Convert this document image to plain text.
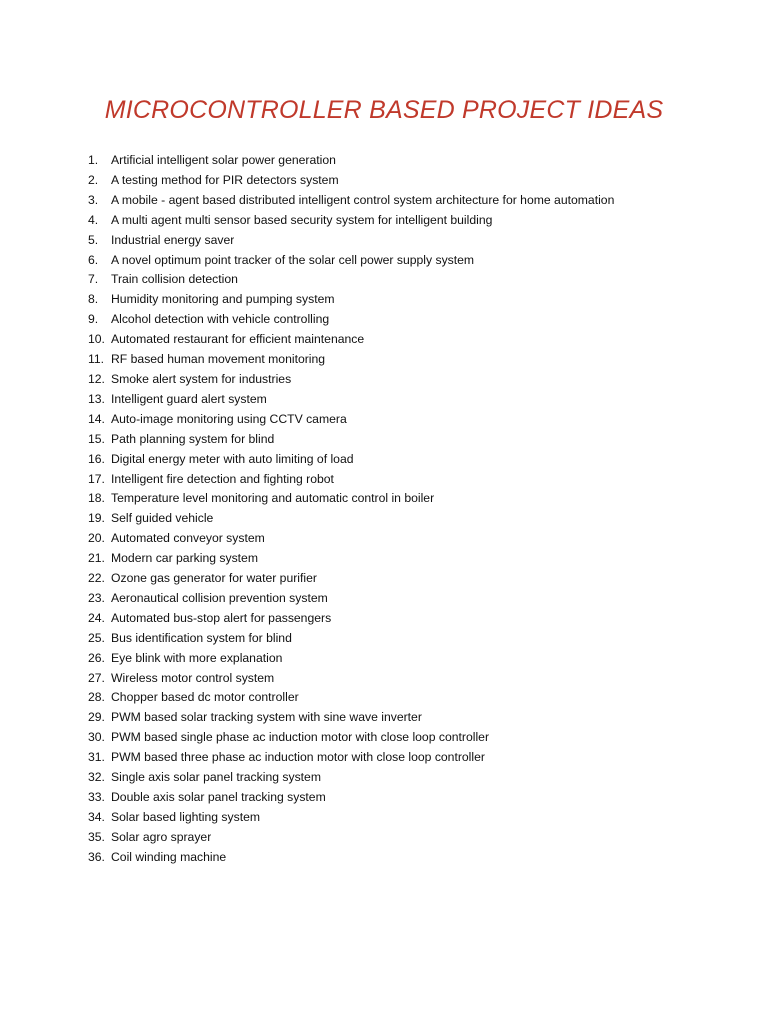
MICROCONTROLLER BASED PROJECT IDEAS
1.	Artificial intelligent solar power generation
2.	A testing method for PIR detectors system
3.	A mobile - agent based distributed intelligent control system architecture for home automation
4.	A multi agent multi sensor based security system for intelligent building
5.	Industrial energy saver
6.	A novel optimum point tracker of the solar cell power supply system
7.	Train collision detection
8.	Humidity monitoring and pumping system
9.	Alcohol detection with vehicle controlling
10. Automated restaurant for efficient maintenance
11. RF based human movement monitoring
12. Smoke alert system for industries
13. Intelligent guard alert system
14. Auto-image monitoring using CCTV camera
15. Path planning system for blind
16. Digital energy meter with auto limiting of load
17. Intelligent fire detection and fighting robot
18. Temperature level monitoring and automatic control in boiler
19. Self guided vehicle
20. Automated conveyor system
21. Modern car parking system
22. Ozone gas generator for water purifier
23. Aeronautical collision prevention system
24. Automated bus-stop alert for passengers
25. Bus identification system for blind
26. Eye blink with more explanation
27. Wireless motor control system
28. Chopper based dc motor controller
29. PWM based solar tracking system with sine wave inverter
30. PWM based single phase ac induction motor with close loop controller
31. PWM based three phase ac induction motor with close loop controller
32. Single axis solar panel tracking system
33. Double axis solar panel tracking system
34. Solar based lighting system
35. Solar agro sprayer
36. Coil winding machine
